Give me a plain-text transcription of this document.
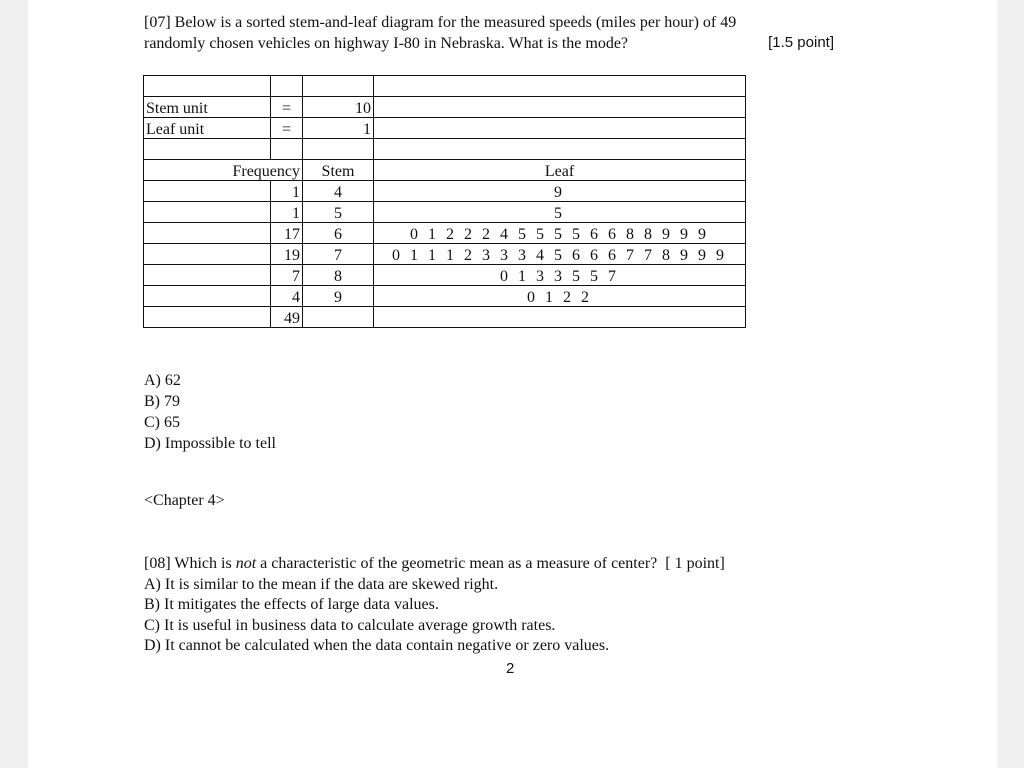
[07] Below is a sorted stem-and-leaf diagram for the measured speeds (miles per hour) of 49
randomly chosen vehicles on highway I-80 in Nebraska. What is the mode?	[1.5 point]

Stem unit	=	10	
Leaf unit	=	1	

Frequency		Stem	Leaf
	1	4	9
	1	5	5
	17	6	0 1 2 2 2 4 5 5 5 5 6 6 8 8 9 9 9
	19	7	0 1 1 1 2 3 3 3 4 5 6 6 6 7 7 8 9 9 9
	7	8	0 1 3 3 5 5 7
	4	9	0 1 2 2
	49		
A) 62
B) 79
C) 65
D) Impossible to tell
<Chapter 4>
[08] Which is not a characteristic of the geometric mean as a measure of center? [ 1 point]
A) It is similar to the mean if the data are skewed right.
B) It mitigates the effects of large data values.
C) It is useful in business data to calculate average growth rates.
D) It cannot be calculated when the data contain negative or zero values.
2
